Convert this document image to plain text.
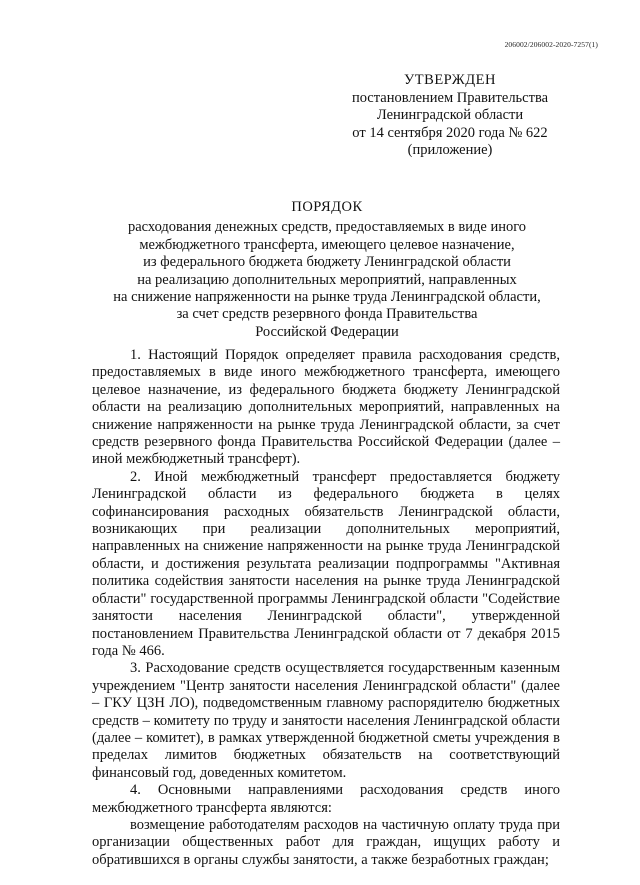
206002/206002-2020-7257(1)
УТВЕРЖДЕН
постановлением Правительства
Ленинградской области
от 14 сентября 2020 года № 622
(приложение)
ПОРЯДОК
расходования денежных средств, предоставляемых в виде иного
межбюджетного трансферта, имеющего целевое назначение,
из федерального бюджета бюджету Ленинградской области
на реализацию дополнительных мероприятий, направленных
на снижение напряженности на рынке труда Ленинградской области,
за счет средств резервного фонда Правительства
Российской Федерации

1. Настоящий Порядок определяет правила расходования средств, предоставляемых в виде иного межбюджетного трансферта, имеющего целевое назначение, из федерального бюджета бюджету Ленинградской области на реализацию дополнительных мероприятий, направленных на снижение напряженности на рынке труда Ленинградской области, за счет средств резервного фонда Правительства Российской Федерации (далее – иной межбюджетный трансферт).

2. Иной межбюджетный трансферт предоставляется бюджету Ленинградской области из федерального бюджета в целях софинансирования расходных обязательств Ленинградской области, возникающих при реализации дополнительных мероприятий, направленных на снижение напряженности на рынке труда Ленинградской области, и достижения результата реализации подпрограммы "Активная политика содействия занятости населения на рынке труда Ленинградской области" государственной программы Ленинградской области "Содействие занятости населения Ленинградской области", утвержденной постановлением Правительства Ленинградской области от 7 декабря 2015 года № 466.

3. Расходование средств осуществляется государственным казенным учреждением "Центр занятости населения Ленинградской области" (далее – ГКУ ЦЗН ЛО), подведомственным главному распорядителю бюджетных средств – комитету по труду и занятости населения Ленинградской области (далее – комитет), в рамках утвержденной бюджетной сметы учреждения в пределах лимитов бюджетных обязательств на соответствующий финансовый год, доведенных комитетом.

4. Основными направлениями расходования средств иного межбюджетного трансферта являются:

возмещение работодателям расходов на частичную оплату труда при организации общественных работ для граждан, ищущих работу и обратившихся в органы службы занятости, а также безработных граждан;
